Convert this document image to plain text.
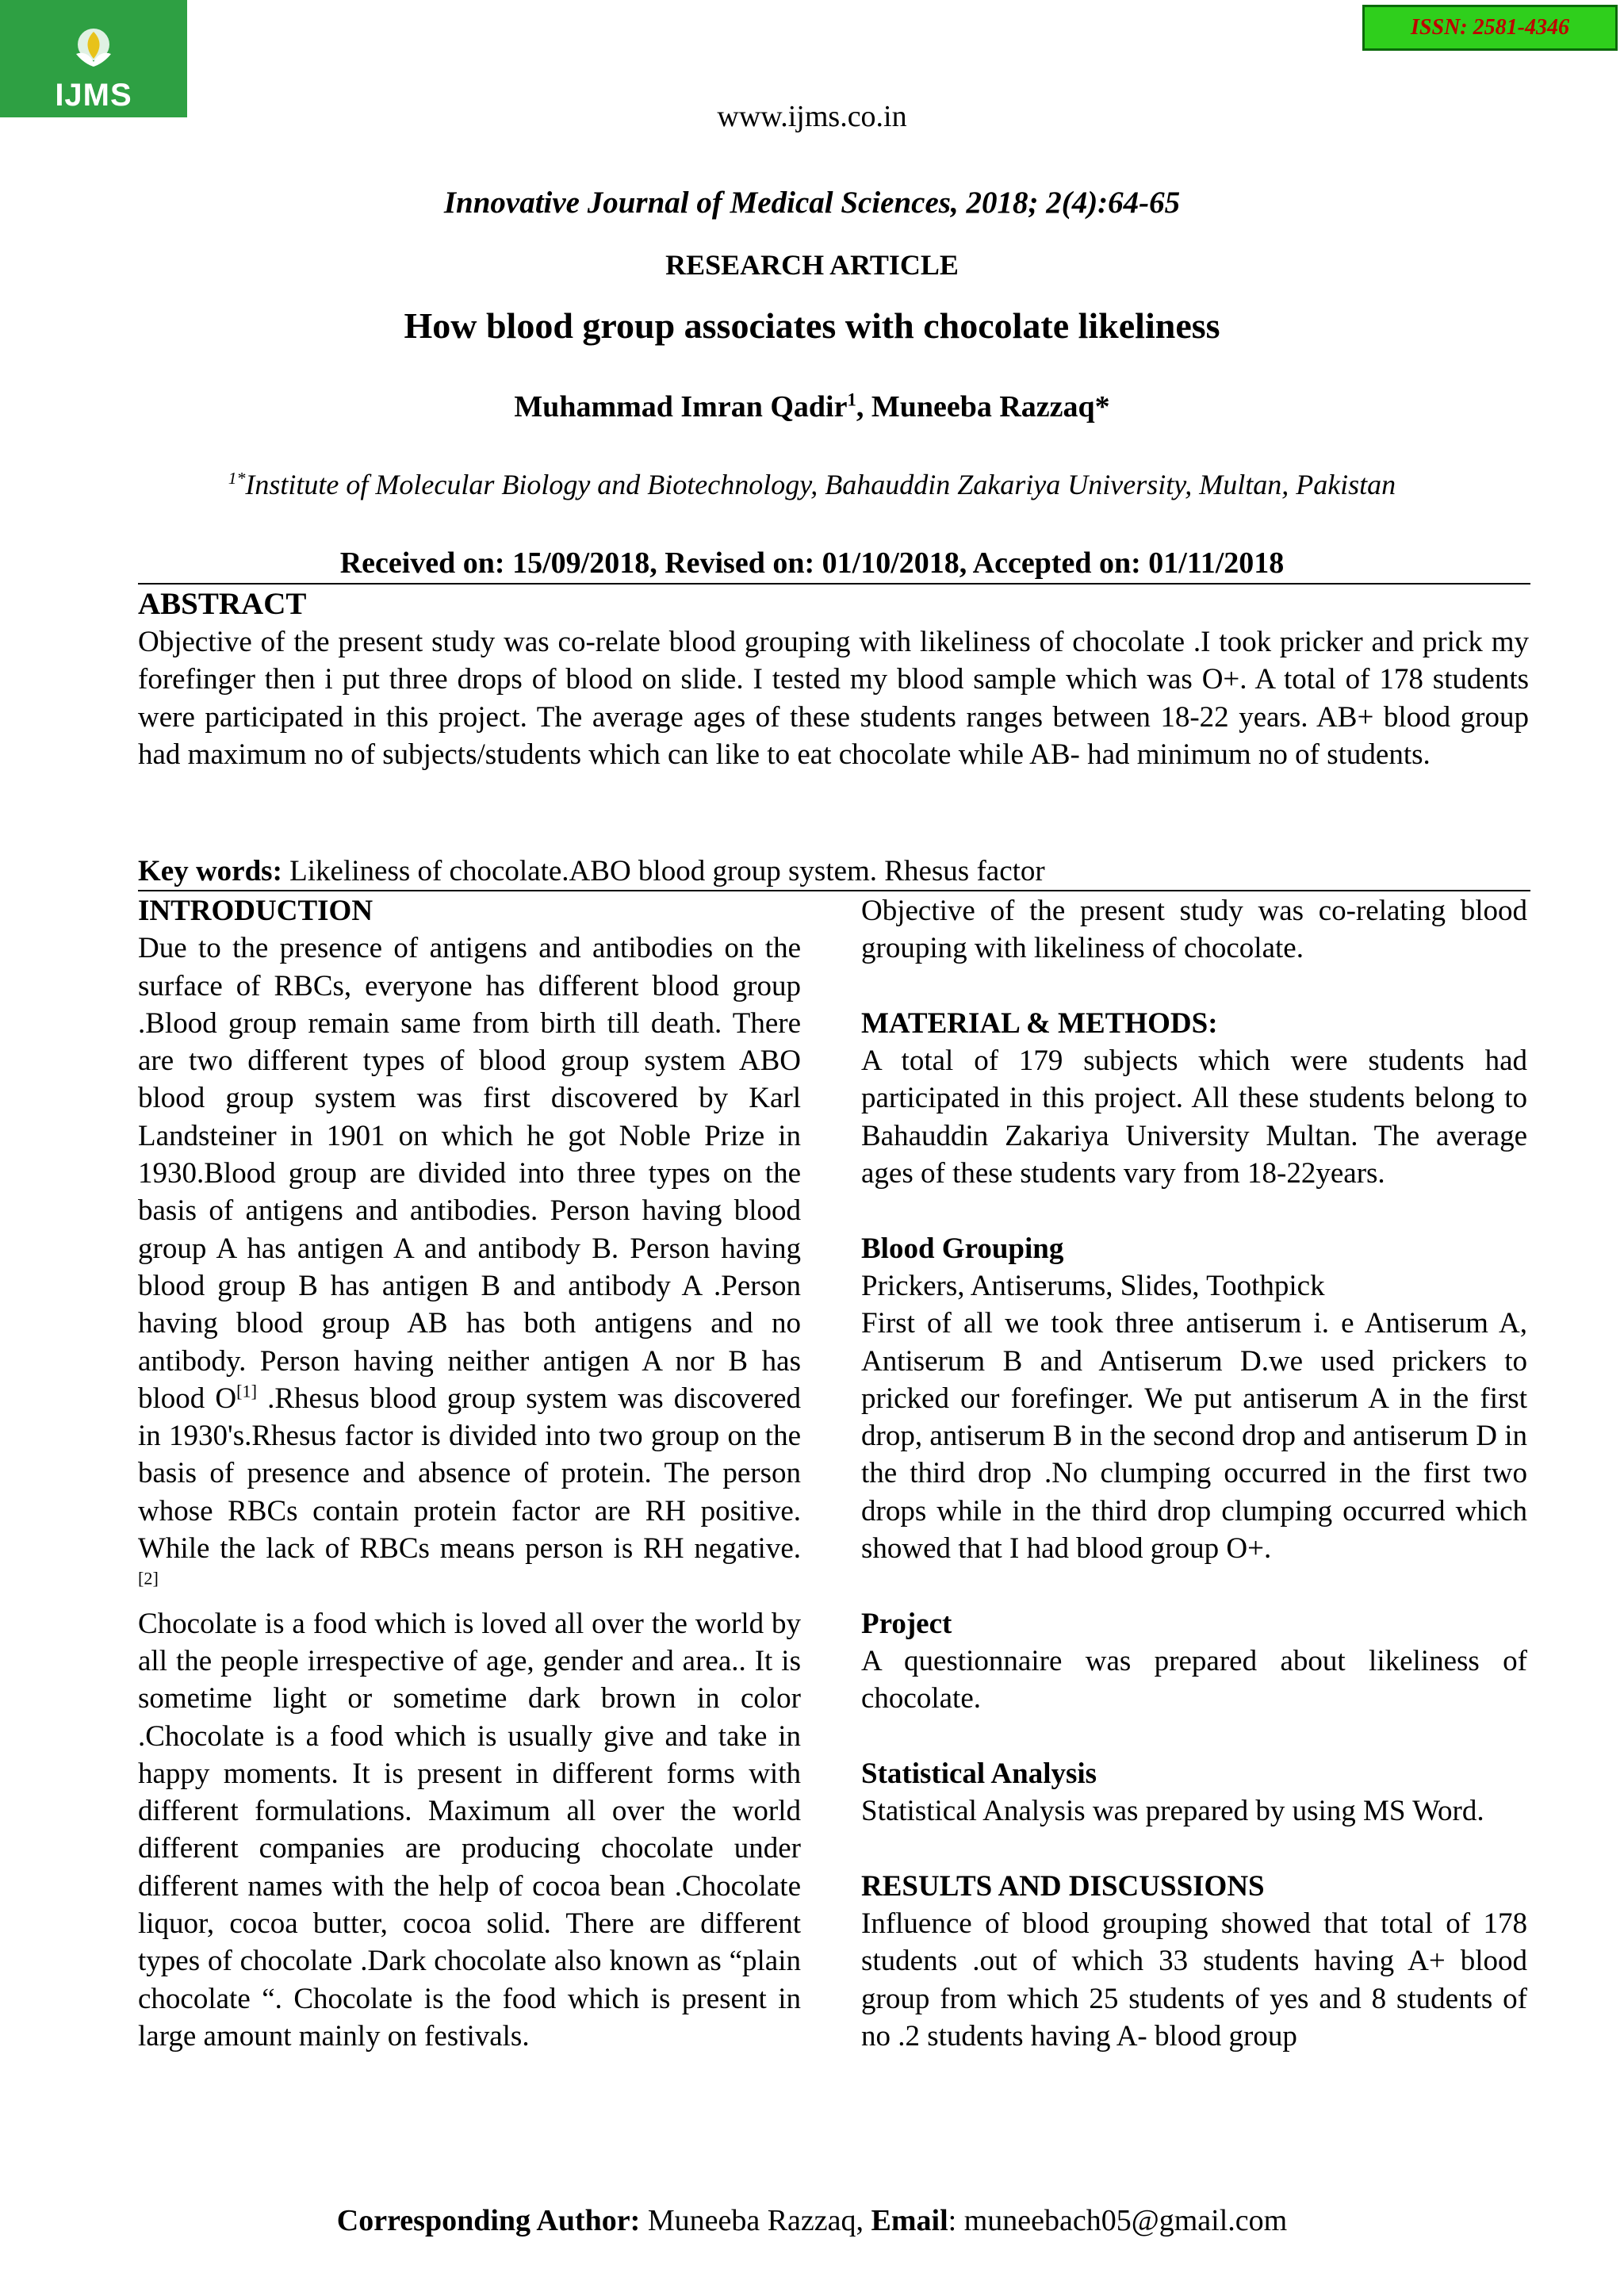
IJMS
ISSN: 2581-4346
www.ijms.co.in
Innovative Journal of Medical Sciences, 2018; 2(4):64-65
RESEARCH ARTICLE
How blood group associates with chocolate likeliness
Muhammad Imran Qadir$^1$, Muneeba Razzaq*
$^{1*}$Institute of Molecular Biology and Biotechnology, Bahauddin Zakariya University, Multan, Pakistan
Received on: 15/09/2018, Revised on: 01/10/2018, Accepted on: 01/11/2018
ABSTRACT
Objective of the present study was co-relate blood grouping with likeliness of chocolate .I took pricker and prick my forefinger then i put three drops of blood on slide. I tested my blood sample which was O+. A total of 178 students were participated in this project. The average ages of these students ranges between 18-22 years. AB+ blood group had maximum no of subjects/students which can like to eat chocolate while AB- had minimum no of students.
Key words: Likeliness of chocolate.ABO blood group system. Rhesus factor
INTRODUCTION
Due to the presence of antigens and antibodies on the surface of RBCs, everyone has different blood group .Blood group remain same from birth till death. There are two different types of blood group system ABO blood group system was first discovered by Karl Landsteiner in 1901 on which he got Noble Prize in 1930.Blood group are divided into three types on the basis of antigens and antibodies. Person having blood group A has antigen A and antibody B. Person having blood group B has antigen B and antibody A .Person having blood group AB has both antigens and no antibody. Person having neither antigen A nor B has blood O[1] .Rhesus blood group system was discovered in 1930's.Rhesus factor is divided into two group on the basis of presence and absence of protein. The person whose RBCs contain protein factor are RH positive. While the lack of RBCs means person is RH negative. [2]
Chocolate is a food which is loved all over the world by all the people irrespective of age, gender and area.. It is sometime light or sometime dark brown in color .Chocolate is a food which is usually give and take in happy moments. It is present in different forms with different formulations. Maximum all over the world different companies are producing chocolate under different names with the help of cocoa bean .Chocolate liquor, cocoa butter, cocoa solid. There are different types of chocolate .Dark chocolate also known as “plain chocolate “. Chocolate is the food which is present in large amount mainly on festivals.
Objective of the present study was co-relating blood grouping with likeliness of chocolate.
MATERIAL & METHODS:
A total of 179 subjects which were students had participated in this project. All these students belong to Bahauddin Zakariya University Multan. The average ages of these students vary from 18-22years.
Blood Grouping
Prickers, Antiserums, Slides, Toothpick
First of all we took three antiserum i. e Antiserum A, Antiserum B and Antiserum D.we used prickers to pricked our forefinger. We put antiserum A in the first drop, antiserum B in the second drop and antiserum D in the third drop .No clumping occurred in the first two drops while in the third drop clumping occurred which showed that I had blood group O+.
Project
A questionnaire was prepared about likeliness of chocolate.
Statistical Analysis
Statistical Analysis was prepared by using MS Word.
RESULTS AND DISCUSSIONS
Influence of blood grouping showed that total of 178 students .out of which 33 students having A+ blood group from which 25 students of yes and 8 students of no .2 students having A- blood group
Corresponding Author: Muneeba Razzaq, Email: muneebach05@gmail.com
